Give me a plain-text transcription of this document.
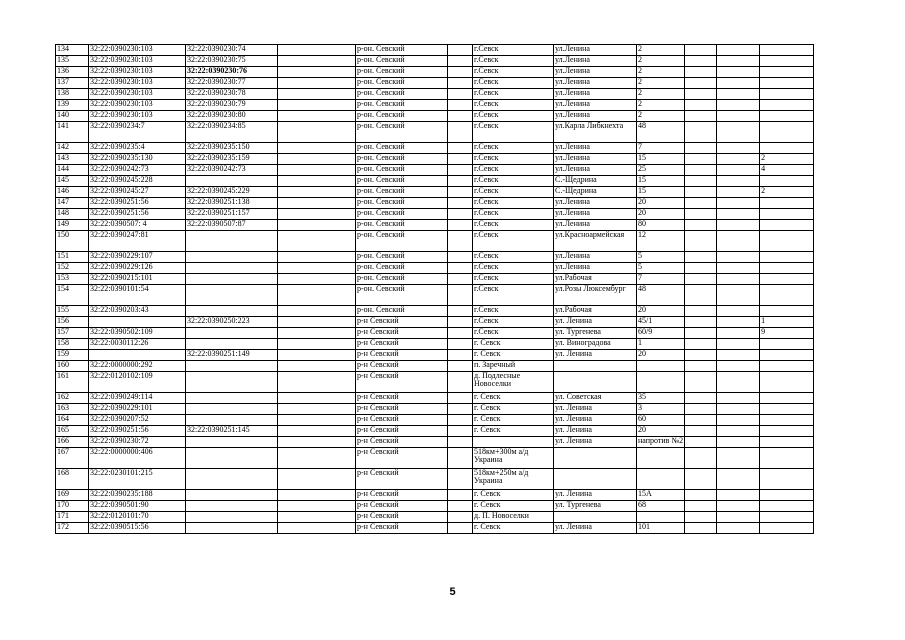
134	32:22:0390230:103	32:22:0390230:74		р-он. Севский		г.Севск	ул.Ленина	2			
135	32:22:0390230:103	32:22:0390230:75		р-он. Севский		г.Севск	ул.Ленина	2			
136	32:22:0390230:103	32:22:0390230:76		р-он. Севский		г.Севск	ул.Ленина	2			
137	32:22:0390230:103	32:22:0390230:77		р-он. Севский		г.Севск	ул.Ленина	2			
138	32:22:0390230:103	32:22:0390230:78		р-он. Севский		г.Севск	ул.Ленина	2			
139	32:22:0390230:103	32:22:0390230:79		р-он. Севский		г.Севск	ул.Ленина	2			
140	32:22:0390230:103	32:22:0390230:80		р-он. Севский		г.Севск	ул.Ленина	2			
141	32:22:0390234:7	32:22:0390234:85		р-он. Севский		г.Севск	ул.Карла Либкнехта	48			
142	32:22:0390235:4	32:22:0390235:150		р-он. Севский		г.Севск	ул.Ленина	7			
143	32:22:0390235:130	32:22:0390235:159		р-он. Севский		г.Севск	ул.Ленина	15			2
144	32:22:0390242:73	32:22:0390242:73		р-он. Севский		г.Севск	ул.Ленина	25			4
145	32:22:0390245:228			р-он. Севский		г.Севск	С.-Щедрина	15			
146	32:22:0390245:27	32:22:0390245:229		р-он. Севский		г.Севск	С.-Щедрина	15			2
147	32:22:0390251:56	32:22:0390251:138		р-он. Севский		г.Севск	ул.Ленина	20			
148	32:22:0390251:56	32:22:0390251:157		р-он. Севский		г.Севск	ул.Ленина	20			
149	32:22:0390507: 4	32:22:0390507:87		р-он. Севский		г.Севск	ул.Ленина	80			
150	32:22:0390247:81			р-он. Севский		г.Севск	ул.Красноармейская	12			
151	32:22:0390229:107			р-он. Севский		г.Севск	ул.Ленина	5			
152	32:22:0390229:126			р-он. Севский		г.Севск	ул.Ленина	5			
153	32:22:0390215:101			р-он. Севский		г.Севск	ул.Рабочая	7			
154	32:22:0390101:54			р-он. Севский		г.Севск	ул.Розы Люксембург	48			
155	32:22:0390203:43			р-он. Севский		г.Севск	ул.Рабочая	20			
156		32:22:0390250:223		р-н Севский		г.Севск	ул. Ленина	45/1			1
157	32:22:0390502:109			р-н Севский		г.Севск	ул. Тургенева	60/9			9
158	32:22:0030112:26			р-н Севский		г. Севск	ул. Виноградова	1			
159		32:22:0390251:149		р-н Севский		г. Севск	ул. Ленина	20			
160	32:22:0000000:292			р-н Севский		п. Заречный					
161	32:22:0120102:109			р-н Севский		д. Подлесные Новоселки					
162	32:22:0390249:114			р-н Севский		г. Севск	ул. Советская	35			
163	32:22:0390229:101			р-н Севский		г. Севск	ул. Ленина	3			
164	32:22:0390207:52			р-н Севский		г. Севск	ул. Ленина	60			
165	32:22:0390251:56	32:22:0390251:145		р-н Севский		г. Севск	ул. Ленина	20			
166	32:22:0390230:72			р-н Севский			ул. Ленина	напротив №2			
167	32:22:0000000:406			р-н Севский		518км+300м а/д Украина					
168	32:22:0230101:215			р-н Севский		518км+250м а/д Украина					
169	32:22:0390235:188			р-н Севский		г. Севск	ул. Ленина	15А			
170	32:22:0390501:90			р-н Севский		г. Севск	ул. Тургенева	68			
171	32:22:0120101:70			р-н Севский		д. П. Новоселки					
172	32:22:0390515:56			р-н Севский		г. Севск	ул. Ленина	101			
5
